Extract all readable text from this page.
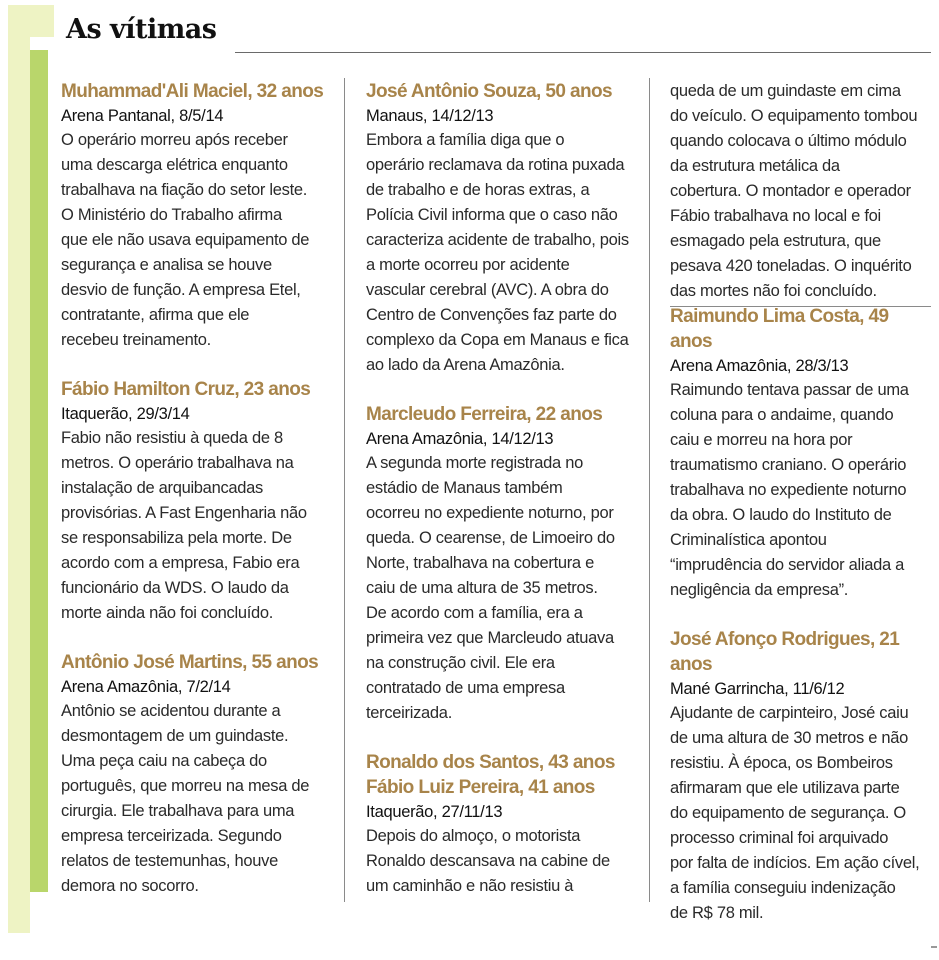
As vítimas

Muhammad'Ali Maciel, 32 anos

Arena Pantanal, 8/5/14

O operário morreu após receber
uma descarga elétrica enquanto
trabalhava na fiação do setor leste.
O Ministério do Trabalho afirma
que ele não usava equipamento de
segurança e analisa se houve
desvio de função. A empresa Etel,
contratante, afirma que ele
recebeu treinamento.

Fábio Hamilton Cruz, 23 anos

Itaquerão, 29/3/14

Fabio não resistiu à queda de 8
metros. O operário trabalhava na
instalação de arquibancadas
provisórias. A Fast Engenharia não
se responsabiliza pela morte. De
acordo com a empresa, Fabio era
funcionário da WDS. O laudo da
morte ainda não foi concluído.

Antônio José Martins, 55 anos

Arena Amazônia, 7/2/14

Antônio se acidentou durante a
desmontagem de um guindaste.
Uma peça caiu na cabeça do
português, que morreu na mesa de
cirurgia. Ele trabalhava para uma
empresa terceirizada. Segundo
relatos de testemunhas, houve
demora no socorro.

José Antônio Souza, 50 anos

Manaus, 14/12/13

Embora a família diga que o
operário reclamava da rotina puxada
de trabalho e de horas extras, a
Polícia Civil informa que o caso não
caracteriza acidente de trabalho, pois
a morte ocorreu por acidente
vascular cerebral (AVC). A obra do
Centro de Convenções faz parte do
complexo da Copa em Manaus e fica
ao lado da Arena Amazônia.

Marcleudo Ferreira, 22 anos

Arena Amazônia, 14/12/13

A segunda morte registrada no
estádio de Manaus também
ocorreu no expediente noturno, por
queda. O cearense, de Limoeiro do
Norte, trabalhava na cobertura e
caiu de uma altura de 35 metros.
De acordo com a família, era a
primeira vez que Marcleudo atuava
na construção civil. Ele era
contratado de uma empresa
terceirizada.

Ronaldo dos Santos, 43 anos

Fábio Luiz Pereira, 41 anos

Itaquerão, 27/11/13

Depois do almoço, o motorista
Ronaldo descansava na cabine de
um caminhão e não resistiu à

queda de um guindaste em cima
do veículo. O equipamento tombou
quando colocava o último módulo
da estrutura metálica da
cobertura. O montador e operador
Fábio trabalhava no local e foi
esmagado pela estrutura, que
pesava 420 toneladas. O inquérito
das mortes não foi concluído.

Raimundo Lima Costa, 49 anos

Arena Amazônia, 28/3/13

Raimundo tentava passar de uma
coluna para o andaime, quando
caiu e morreu na hora por
traumatismo craniano. O operário
trabalhava no expediente noturno
da obra. O laudo do Instituto de
Criminalística apontou
“imprudência do servidor aliada a
negligência da empresa”.

José Afonço Rodrigues, 21 anos

Mané Garrincha, 11/6/12

Ajudante de carpinteiro, José caiu
de uma altura de 30 metros e não
resistiu. À época, os Bombeiros
afirmaram que ele utilizava parte
do equipamento de segurança. O
processo criminal foi arquivado
por falta de indícios. Em ação cível,
a família conseguiu indenização
de R$ 78 mil.
